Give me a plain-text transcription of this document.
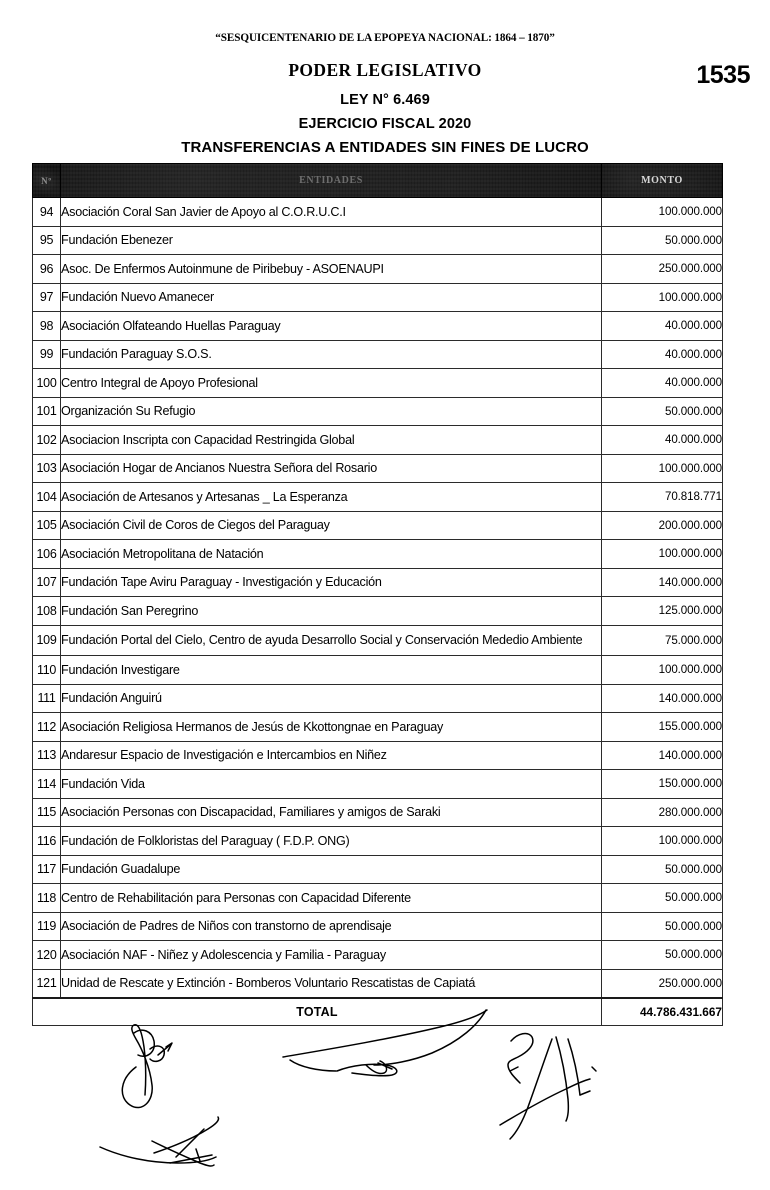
“SESQUICENTENARIO DE LA EPOPEYA NACIONAL: 1864 – 1870”
PODER LEGISLATIVO
LEY N° 6.469
EJERCICIO FISCAL 2020
TRANSFERENCIAS A ENTIDADES SIN FINES DE LUCRO
1535
Nº	ENTIDADES	MONTO
94	Asociación Coral San Javier de Apoyo al C.O.R.U.C.I	100.000.000
95	Fundación Ebenezer	50.000.000
96	Asoc. De Enfermos Autoinmune de Piribebuy - ASOENAUPI	250.000.000
97	Fundación Nuevo Amanecer	100.000.000
98	Asociación Olfateando Huellas Paraguay	40.000.000
99	Fundación Paraguay S.O.S.	40.000.000
100	Centro Integral de Apoyo Profesional	40.000.000
101	Organización Su Refugio	50.000.000
102	Asociacion Inscripta con Capacidad Restringida Global	40.000.000
103	Asociación Hogar de Ancianos Nuestra Señora del Rosario	100.000.000
104	Asociación de Artesanos y Artesanas _ La Esperanza	70.818.771
105	Asociación Civil de Coros de Ciegos del Paraguay	200.000.000
106	Asociación Metropolitana de Natación	100.000.000
107	Fundación Tape Aviru Paraguay - Investigación y Educación	140.000.000
108	Fundación San Peregrino	125.000.000
109	Fundación Portal del Cielo, Centro de ayuda Desarrollo Social y Conservación Mededio Ambiente	75.000.000
110	Fundación Investigare	100.000.000
111	Fundación Anguirú	140.000.000
112	Asociación Religiosa Hermanos de Jesús de Kkottongnae en Paraguay	155.000.000
113	Andaresur Espacio de Investigación e Intercambios en Niñez	140.000.000
114	Fundación Vida	150.000.000
115	Asociación Personas con Discapacidad, Familiares y amigos de Saraki	280.000.000
116	Fundación de Folkloristas del Paraguay ( F.D.P. ONG)	100.000.000
117	Fundación Guadalupe	50.000.000
118	Centro de Rehabilitación para Personas con Capacidad Diferente	50.000.000
119	Asociación de Padres de Niños con transtorno de aprendisaje	50.000.000
120	Asociación NAF - Niñez y Adolescencia y Familia - Paraguay	50.000.000
121	Unidad de Rescate y Extinción - Bomberos Voluntario Rescatistas de Capiatá	250.000.000
TOTAL		44.786.431.667
